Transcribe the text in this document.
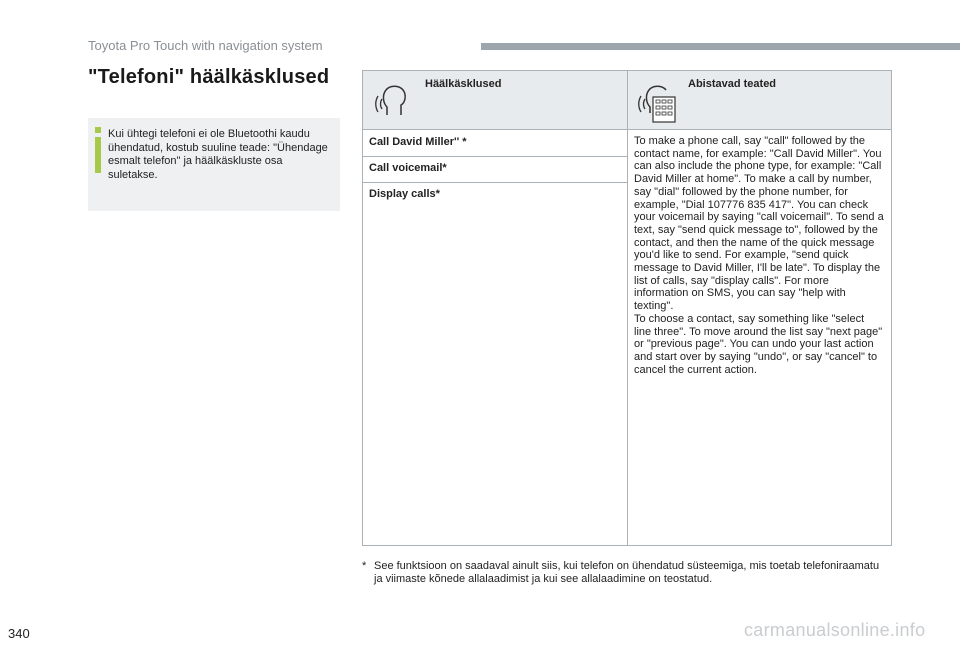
Toyota Pro Touch with navigation system
"Telefoni" häälkäsklused
Kui ühtegi telefoni ei ole Bluetoothi kaudu ühendatud, kostub suuline teade: "Ühendage esmalt telefon" ja häälkäskluste osa suletakse.
Häälkäsklused	Abistavad teated
Call David Miller'' *
Call voicemail*
Display calls*
To make a phone call, say "call" followed by the contact name, for example: "Call David Miller". You can also include the phone type, for example: "Call David Miller at home". To make a call by number, say "dial" followed by the phone number, for example, "Dial 107776 835 417". You can check your voicemail by saying "call voicemail". To send a text, say "send quick message to", followed by the contact, and then the name of the quick message you'd like to send. For example, "send quick message to David Miller, I'll be late". To display the list of calls, say "display calls". For more information on SMS, you can say "help with texting".
To choose a contact, say something like "select line three". To move around the list say "next page" or "previous page". You can undo your last action and start over by saying "undo", or say "cancel" to cancel the current action.
* See funktsioon on saadaval ainult siis, kui telefon on ühendatud süsteemiga, mis toetab telefoniraamatu ja viimaste kõnede allalaadimist ja kui see allalaadimine on teostatud.
340	carmanualsonline.info
